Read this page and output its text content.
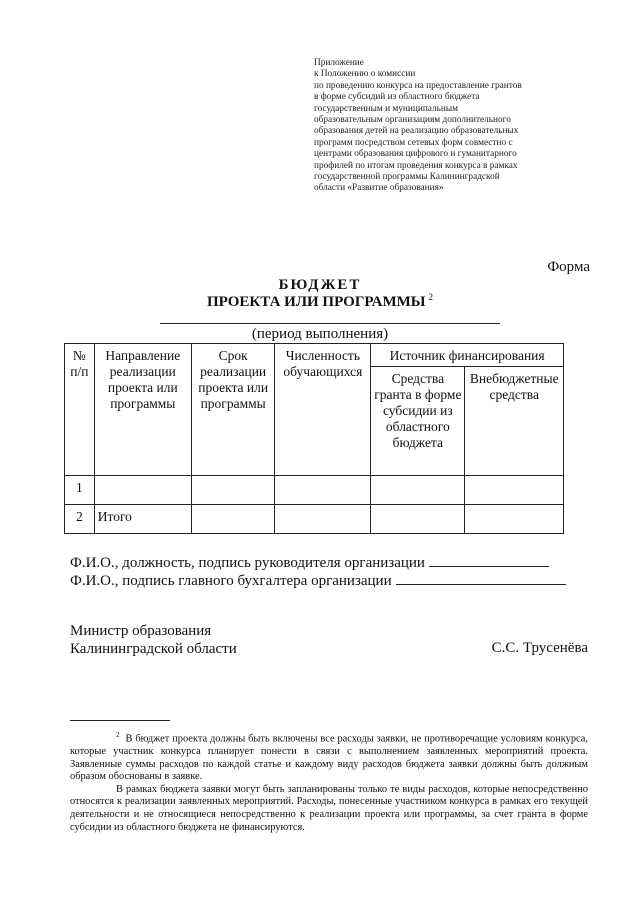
Приложение
к Положению о комиссии
по проведению конкурса на предоставление грантов
в форме субсидий из областного бюджета
государственным и муниципальным
образовательным организациям дополнительного
образования детей на реализацию образовательных
программ посредством сетевых форм совместно с
центрами образования цифрового и гуманитарного
профилей по итогам проведения конкурса в рамках
государственной программы Калининградской
области «Развитие образования»
Форма
БЮДЖЕТ
ПРОЕКТА ИЛИ ПРОГРАММЫ $^2$
(период выполнения)
№ п/п	Направление реализации проекта или программы	Срок реализации проекта или программы	Численность обучающихся	Источник финансирования	
				Средства гранта в форме субсидии из областного бюджета	Внебюджетные средства
1					
2	Итого				
Ф.И.О., должность, подпись руководителя организации
Ф.И.О., подпись главного бухгалтера организации
Министр образования
Калининградской области	С.С. Трусенёва

$^2$ В бюджет проекта должны быть включены все расходы заявки, не противоречащие условиям конкурса, которые участник конкурса планирует понести в связи с выполнением заявленных мероприятий проекта. Заявленные суммы расходов по каждой статье и каждому виду расходов бюджета заявки должны быть должным образом обоснованы в заявке.

В рамках бюджета заявки могут быть запланированы только те виды расходов, которые непосредственно относятся к реализации заявленных мероприятий. Расходы, понесенные участником конкурса в рамках его текущей деятельности и не относящиеся непосредственно к реализации проекта или программы, за счет гранта в форме субсидии из областного бюджета не финансируются.
